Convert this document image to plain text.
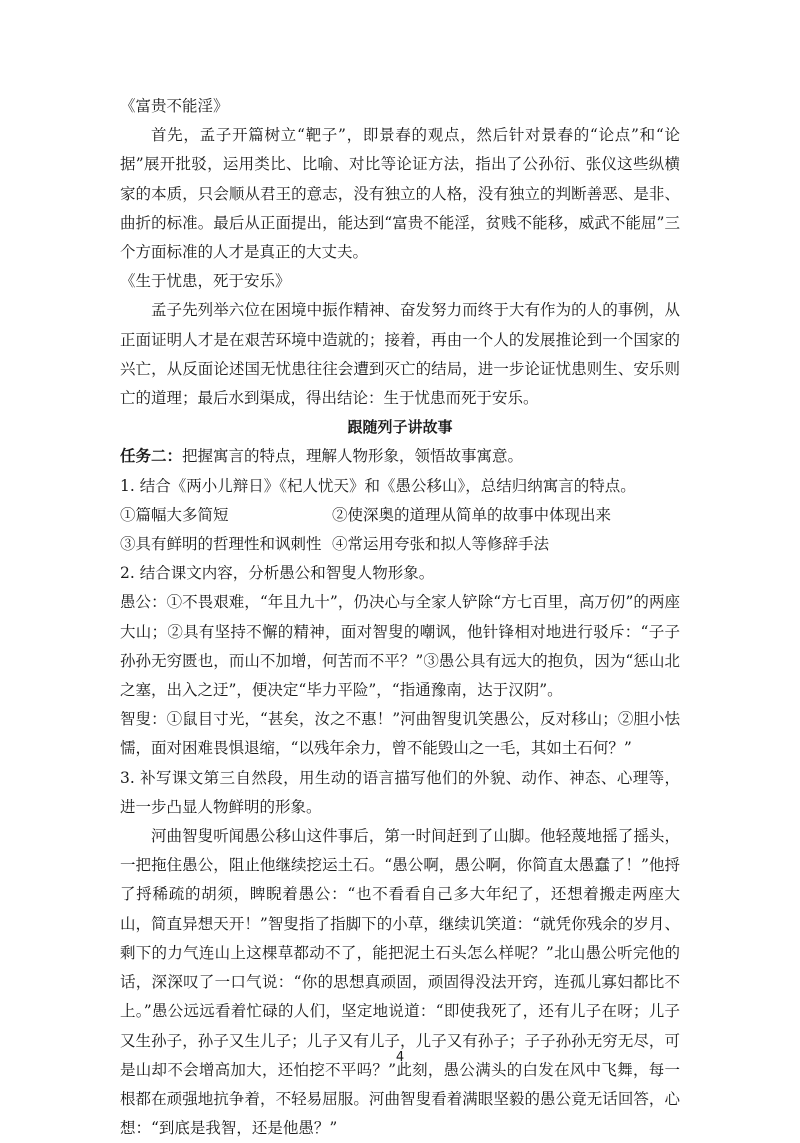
《富贵不能淫》

首先，孟子开篇树立“靶子”，即景春的观点，然后针对景春的“论点”和“论据”展开批驳，运用类比、比喻、对比等论证方法，指出了公孙衍、张仪这些纵横家的本质，只会顺从君王的意志，没有独立的人格，没有独立的判断善恶、是非、曲折的标准。最后从正面提出，能达到“富贵不能淫，贫贱不能移，威武不能屈”三个方面标准的人才是真正的大丈夫。

《生于忧患，死于安乐》

孟子先列举六位在困境中振作精神、奋发努力而终于大有作为的人的事例，从正面证明人才是在艰苦环境中造就的；接着，再由一个人的发展推论到一个国家的兴亡，从反面论述国无忧患往往会遭到灭亡的结局，进一步论证忧患则生、安乐则亡的道理；最后水到渠成，得出结论：生于忧患而死于安乐。

跟随列子讲故事

任务二：把握寓言的特点，理解人物形象，领悟故事寓意。

1. 结合《两小儿辩日》《杞人忧天》和《愚公移山》，总结归纳寓言的特点。

①篇幅大多简短	②使深奥的道理从简单的故事中体现出来

③具有鲜明的哲理性和讽刺性 ④常运用夸张和拟人等修辞手法

2. 结合课文内容，分析愚公和智叟人物形象。

愚公：①不畏艰难，“年且九十”，仍决心与全家人铲除“方七百里，高万仞”的两座大山；②具有坚持不懈的精神，面对智叟的嘲讽，他针锋相对地进行驳斥：“子子孙孙无穷匮也，而山不加增，何苦而不平？”③愚公具有远大的抱负，因为“惩山北之塞，出入之迂”，便决定“毕力平险”，“指通豫南，达于汉阴”。

智叟：①鼠目寸光，“甚矣，汝之不惠！”河曲智叟讥笑愚公，反对移山；②胆小怯懦，面对困难畏惧退缩，“以残年余力，曾不能毁山之一毛，其如土石何？”

3. 补写课文第三自然段，用生动的语言描写他们的外貌、动作、神态、心理等，进一步凸显人物鲜明的形象。

河曲智叟听闻愚公移山这件事后，第一时间赶到了山脚。他轻蔑地摇了摇头，一把拖住愚公，阻止他继续挖运土石。“愚公啊，愚公啊，你简直太愚蠢了！”他捋了捋稀疏的胡须，睥睨着愚公：“也不看看自己多大年纪了，还想着搬走两座大山，简直异想天开！”智叟指了指脚下的小草，继续讥笑道：“就凭你残余的岁月、剩下的力气连山上这棵草都动不了，能把泥土石头怎么样呢？”北山愚公听完他的话，深深叹了一口气说：“你的思想真顽固，顽固得没法开窍，连孤儿寡妇都比不上。”愚公远远看着忙碌的人们，坚定地说道：“即使我死了，还有儿子在呀；儿子又生孙子，孙子又生儿子；儿子又有儿子，儿子又有孙子；子子孙孙无穷无尽，可是山却不会增高加大，还怕挖不平吗？”此刻，愚公满头的白发在风中飞舞，每一根都在顽强地抗争着，不轻易屈服。河曲智叟看着满眼坚毅的愚公竟无话回答，心想：“到底是我智，还是他愚？”

4
